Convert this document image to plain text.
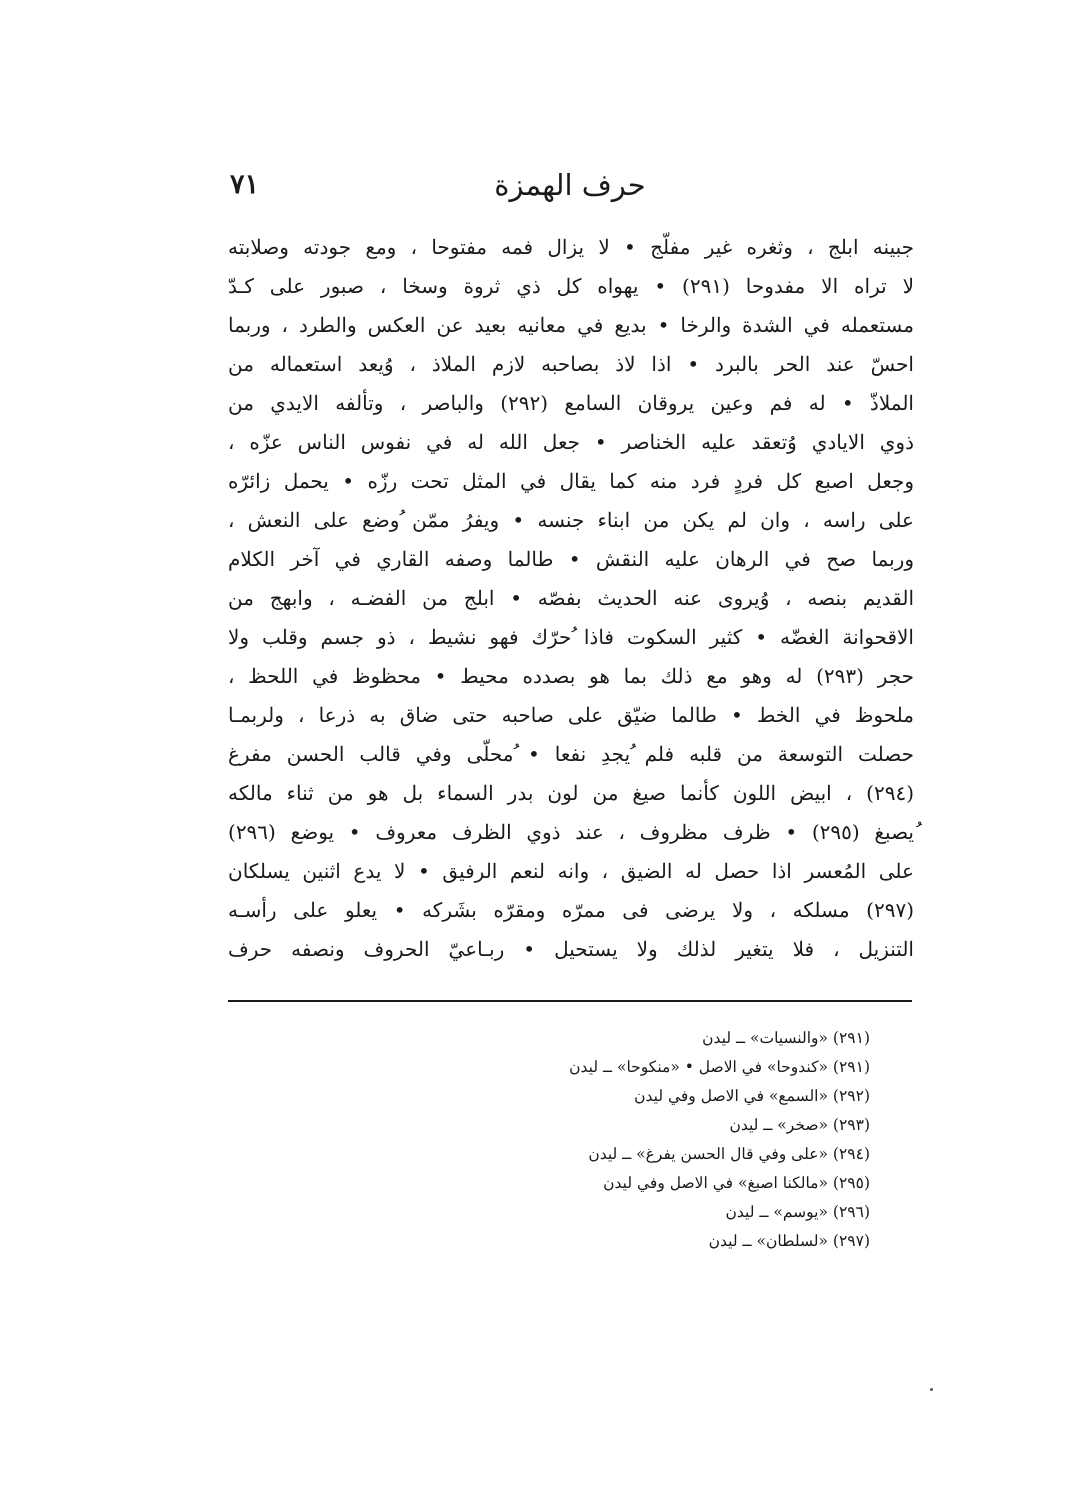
حرف الهمزة
٧١
جبينه ابلج ، وثغره غير مفلّج • لا يزال فمه مفتوحا ، ومع جودته وصلابته
لا تراه الا مفدوحا (٢٩١) • يهواه كل ذي ثروة وسخا ، صبور على كـدّ
مستعمله في الشدة والرخا • بديع في معانيه بعيد عن العكس والطرد ، وربما
احسّ عند الحر بالبرد • اذا لاذ بصاحبه لازم الملاذ ، وُيعد استعماله من
الملاذّ • له فم وعين يروقان السامع (٢٩٢) والباصر ، وتألفه الايدي من
ذوي الايادي وُتعقد عليه الخناصر • جعل الله له في نفوس الناس عزّه ،
وجعل اصبع كل فردٍ فرد منه كما يقال في المثل تحت رزّه • يحمل زائرّه
على راسه ، وان لم يكن من ابناء جنسه • ويفرُ ممّن ُوضع على النعش ،
وربما صح في الرهان عليه النقش • طالما وصفه القاري في آخر الكلام
القديم بنصه ، وُيروى عنه الحديث بفصّه • ابلج من الفضـه ، وابهج من
الاقحوانة الغضّه • كثير السكوت فاذا ُحرّك فهو نشيط ، ذو جسم وقلب ولا
حجر (٢٩٣) له وهو مع ذلك بما هو بصدده محيط • محظوظ في اللحظ ،
ملحوظ في الخط • طالما ضيّق على صاحبه حتى ضاق به ذرعا ، ولربمـا
حصلت التوسعة من قلبه فلم ُيجدِ نفعا • ُمحلّى وفي قالب الحسن مفرغ
(٢٩٤) ، ابيض اللون كأنما صيغ من لون بدر السماء بل هو من ثناء مالكه
ُيصبغ (٢٩٥) • ظرف مظروف ، عند ذوي الظرف معروف • يوضع (٢٩٦)
على المُعسر اذا حصل له الضيق ، وانه لنعم الرفيق • لا يدع اثنين يسلكان
(٢٩٧) مسلكه ، ولا يرضى فى ممرّه ومقرّه بشَركه • يعلو على رأسـه
التنزيل ، فلا يتغير لذلك ولا يستحيل • ربـاعيّ الحروف ونصفه حرف
(٢٩١) «والنسيات» ــ ليدن
(٢٩١) «كندوحا» في الاصل • «منكوحا» ــ ليدن
(٢٩٢) «السمع» في الاصل وفي ليدن
(٢٩٣) «صخر» ــ ليدن
(٢٩٤) «على وفي قال الحسن يفرغ» ــ ليدن
(٢٩٥) «مالكنا اصبغ» في الاصل وفي ليدن
(٢٩٦) «يوسم» ــ ليدن
(٢٩٧) «لسلطان» ــ ليدن
